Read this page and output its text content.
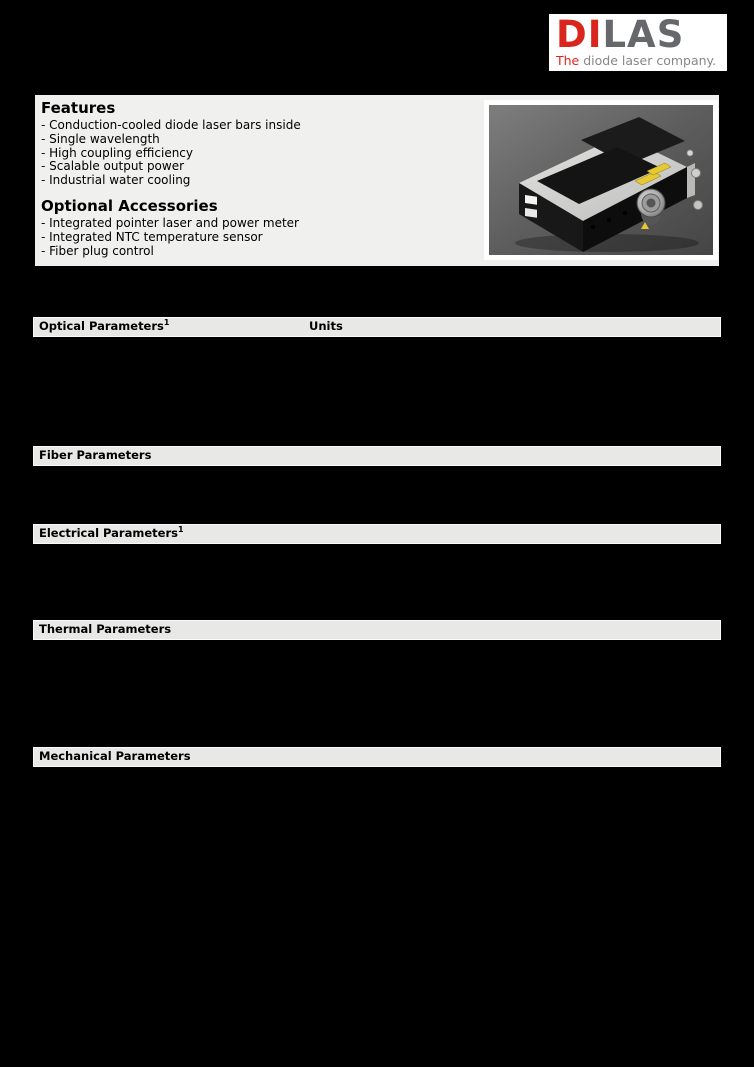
DILAS
The diode laser company.
Features
- Conduction-cooled diode laser bars inside
- Single wavelength
- High coupling efficiency
- Scalable output power
- Industrial water cooling
Optional Accessories
- Integrated pointer laser and power meter
- Integrated NTC temperature sensor
- Fiber plug control
Optical Parameters$^1$	Units
Fiber Parameters
Electrical Parameters$^1$
Thermal Parameters
Mechanical Parameters
